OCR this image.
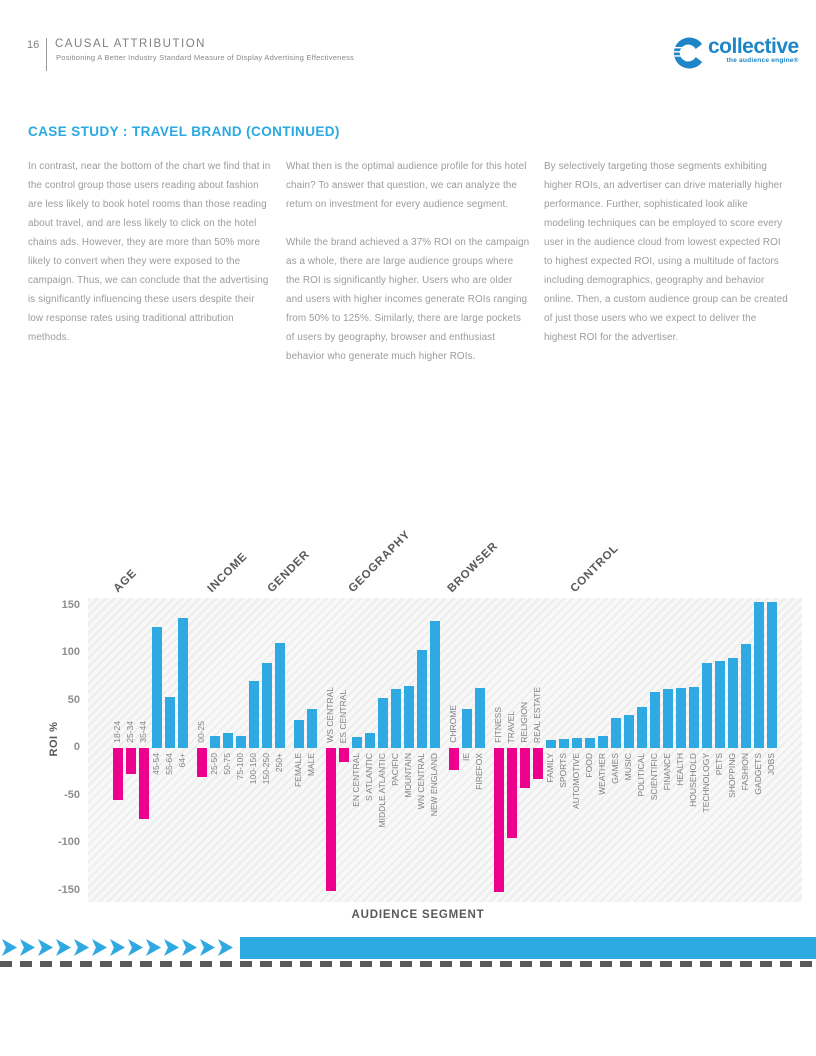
16 CAUSAL ATTRIBUTION
Positioning A Better Industry Standard Measure of Display Advertising Effectiveness	collective
the audience engine®
CASE STUDY : TRAVEL BRAND (CONTINUED)

In contrast, near the bottom of the chart we find that in the control group those users reading about fashion are less likely to book hotel rooms than those reading about travel, and are less likely to click on the hotel chains ads. However, they are more than 50% more likely to convert when they were exposed to the campaign. Thus, we can conclude that the advertising is significantly influencing these users despite their low response rates using traditional attribution methods.

What then is the optimal audience profile for this hotel chain? To answer that question, we can analyze the return on investment for every audience segment.

While the brand achieved a 37% ROI on the campaign as a whole, there are large audience groups where the ROI is significantly higher. Users who are older and users with higher incomes generate ROIs ranging from 50% to 125%. Similarly, there are large pockets of users by geography, browser and enthusiast behavior who generate much higher ROIs.

By selectively targeting those segments exhibiting higher ROIs, an advertiser can drive materially higher performance. Further, sophisticated look alike modeling techniques can be employed to score every user in the audience cloud from lowest expected ROI to highest expected ROI, using a multitude of factors including demographics, geography and behavior online. Then, a custom audience group can be created of just those users who we expect to deliver the highest ROI for the advertiser.

AGE	INCOME GENDER	GEOGRAPHY	BROWSER	CONTROL
ROI %	18-24 25-34 35-44
45-54 55-64 64+
00-25
25-50 50-75 75-100 100-150 150-250 250+ FEMALE MALE
WS CENTRAL ES CENTRAL
EN CENTRAL S ATLANTIC MIDDLE ATLANTIC PACIFIC MOUNTAIN WN CENTRAL NEW ENGLAND
CHROME
IE FIREFOX
FITNESS TRAVEL RELIGION REAL ESTATE
FAMILY SPORTS AUTOMOTIVE FOOD WEATHER GAMES MUSIC POLITICAL SCIENTIFIC FINANCE HEALTH HOUSEHOLD TECHNOLOGY PETS SHOPPING FASHION GADGETS JOBS
AUDIENCE SEGMENT
150
100
50
0
-50
-100
-150
